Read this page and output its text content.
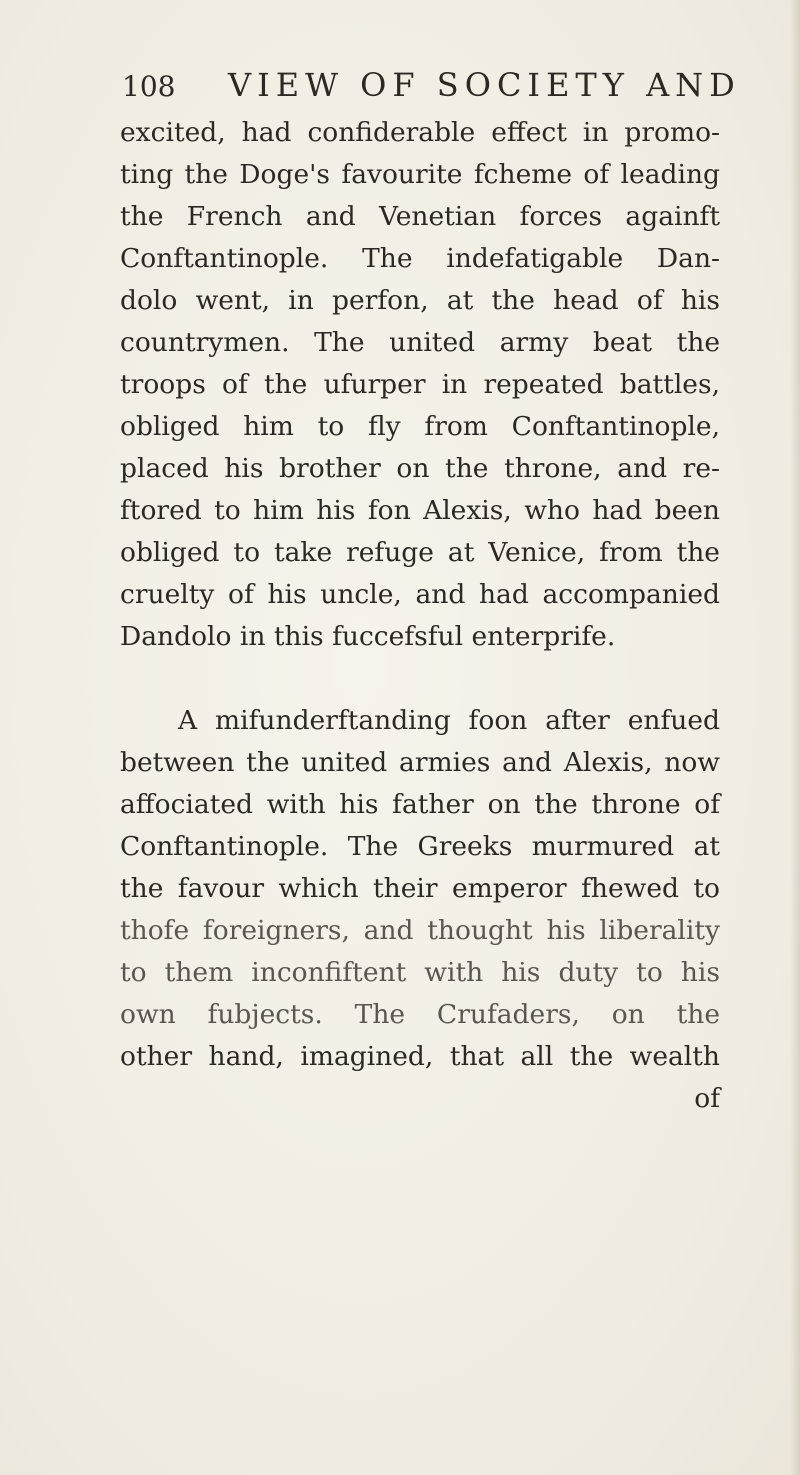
108 VIEW OF SOCIETY AND
excited, had confiderable effect in promo-
ting the Doge's favourite fcheme of leading
the French and Venetian forces againft
Conftantinople. The indefatigable Dan-
dolo went, in perfon, at the head of his
countrymen. The united army beat the
troops of the ufurper in repeated battles,
obliged him to fly from Conftantinople,
placed his brother on the throne, and re-
ftored to him his fon Alexis, who had been
obliged to take refuge at Venice, from the
cruelty of his uncle, and had accompanied
Dandolo in this fuccefsful enterprife.
A mifunderftanding foon after enfued
between the united armies and Alexis, now
affociated with his father on the throne of
Conftantinople. The Greeks murmured at
the favour which their emperor fhewed to
thofe foreigners, and thought his liberality
to them inconfiftent with his duty to his
own fubjects. The Crufaders, on the
other hand, imagined, that all the wealth
of
